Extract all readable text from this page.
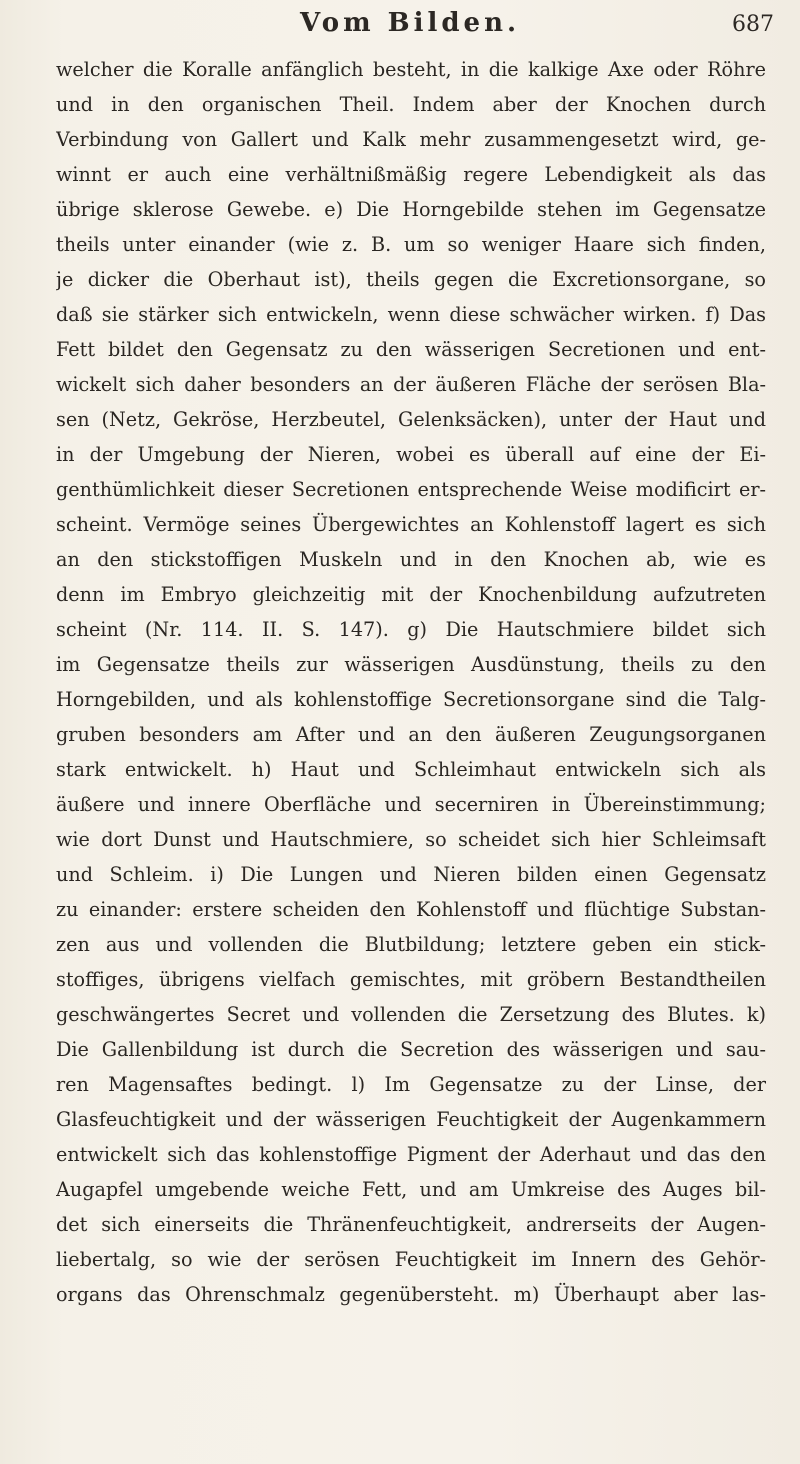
Vom Bilden.	687
welcher die Koralle anfänglich besteht, in die kalkige Axe oder Röhre
und in den organischen Theil. Indem aber der Knochen durch
Verbindung von Gallert und Kalk mehr zusammengesetzt wird, ge-
winnt er auch eine verhältnißmäßig regere Lebendigkeit als das
übrige sklerose Gewebe. e) Die Horngebilde stehen im Gegensatze
theils unter einander (wie z. B. um so weniger Haare sich finden,
je dicker die Oberhaut ist), theils gegen die Excretionsorgane, so
daß sie stärker sich entwickeln, wenn diese schwächer wirken. f) Das
Fett bildet den Gegensatz zu den wässerigen Secretionen und ent-
wickelt sich daher besonders an der äußeren Fläche der serösen Bla-
sen (Netz, Gekröse, Herzbeutel, Gelenksäcken), unter der Haut und
in der Umgebung der Nieren, wobei es überall auf eine der Ei-
genthümlichkeit dieser Secretionen entsprechende Weise modificirt er-
scheint. Vermöge seines Übergewichtes an Kohlenstoff lagert es sich
an den stickstoffigen Muskeln und in den Knochen ab, wie es
denn im Embryo gleichzeitig mit der Knochenbildung aufzutreten
scheint (Nr. 114. II. S. 147). g) Die Hautschmiere bildet sich
im Gegensatze theils zur wässerigen Ausdünstung, theils zu den
Horngebilden, und als kohlenstoffige Secretionsorgane sind die Talg-
gruben besonders am After und an den äußeren Zeugungsorganen
stark entwickelt. h) Haut und Schleimhaut entwickeln sich als
äußere und innere Oberfläche und secerniren in Übereinstimmung;
wie dort Dunst und Hautschmiere, so scheidet sich hier Schleimsaft
und Schleim. i) Die Lungen und Nieren bilden einen Gegensatz
zu einander: erstere scheiden den Kohlenstoff und flüchtige Substan-
zen aus und vollenden die Blutbildung; letztere geben ein stick-
stoffiges, übrigens vielfach gemischtes, mit gröbern Bestandtheilen
geschwängertes Secret und vollenden die Zersetzung des Blutes. k)
Die Gallenbildung ist durch die Secretion des wässerigen und sau-
ren Magensaftes bedingt. l) Im Gegensatze zu der Linse, der
Glasfeuchtigkeit und der wässerigen Feuchtigkeit der Augenkammern
entwickelt sich das kohlenstoffige Pigment der Aderhaut und das den
Augapfel umgebende weiche Fett, und am Umkreise des Auges bil-
det sich einerseits die Thränenfeuchtigkeit, andrerseits der Augen-
liebertalg, so wie der serösen Feuchtigkeit im Innern des Gehör-
organs das Ohrenschmalz gegenübersteht. m) Überhaupt aber las-
